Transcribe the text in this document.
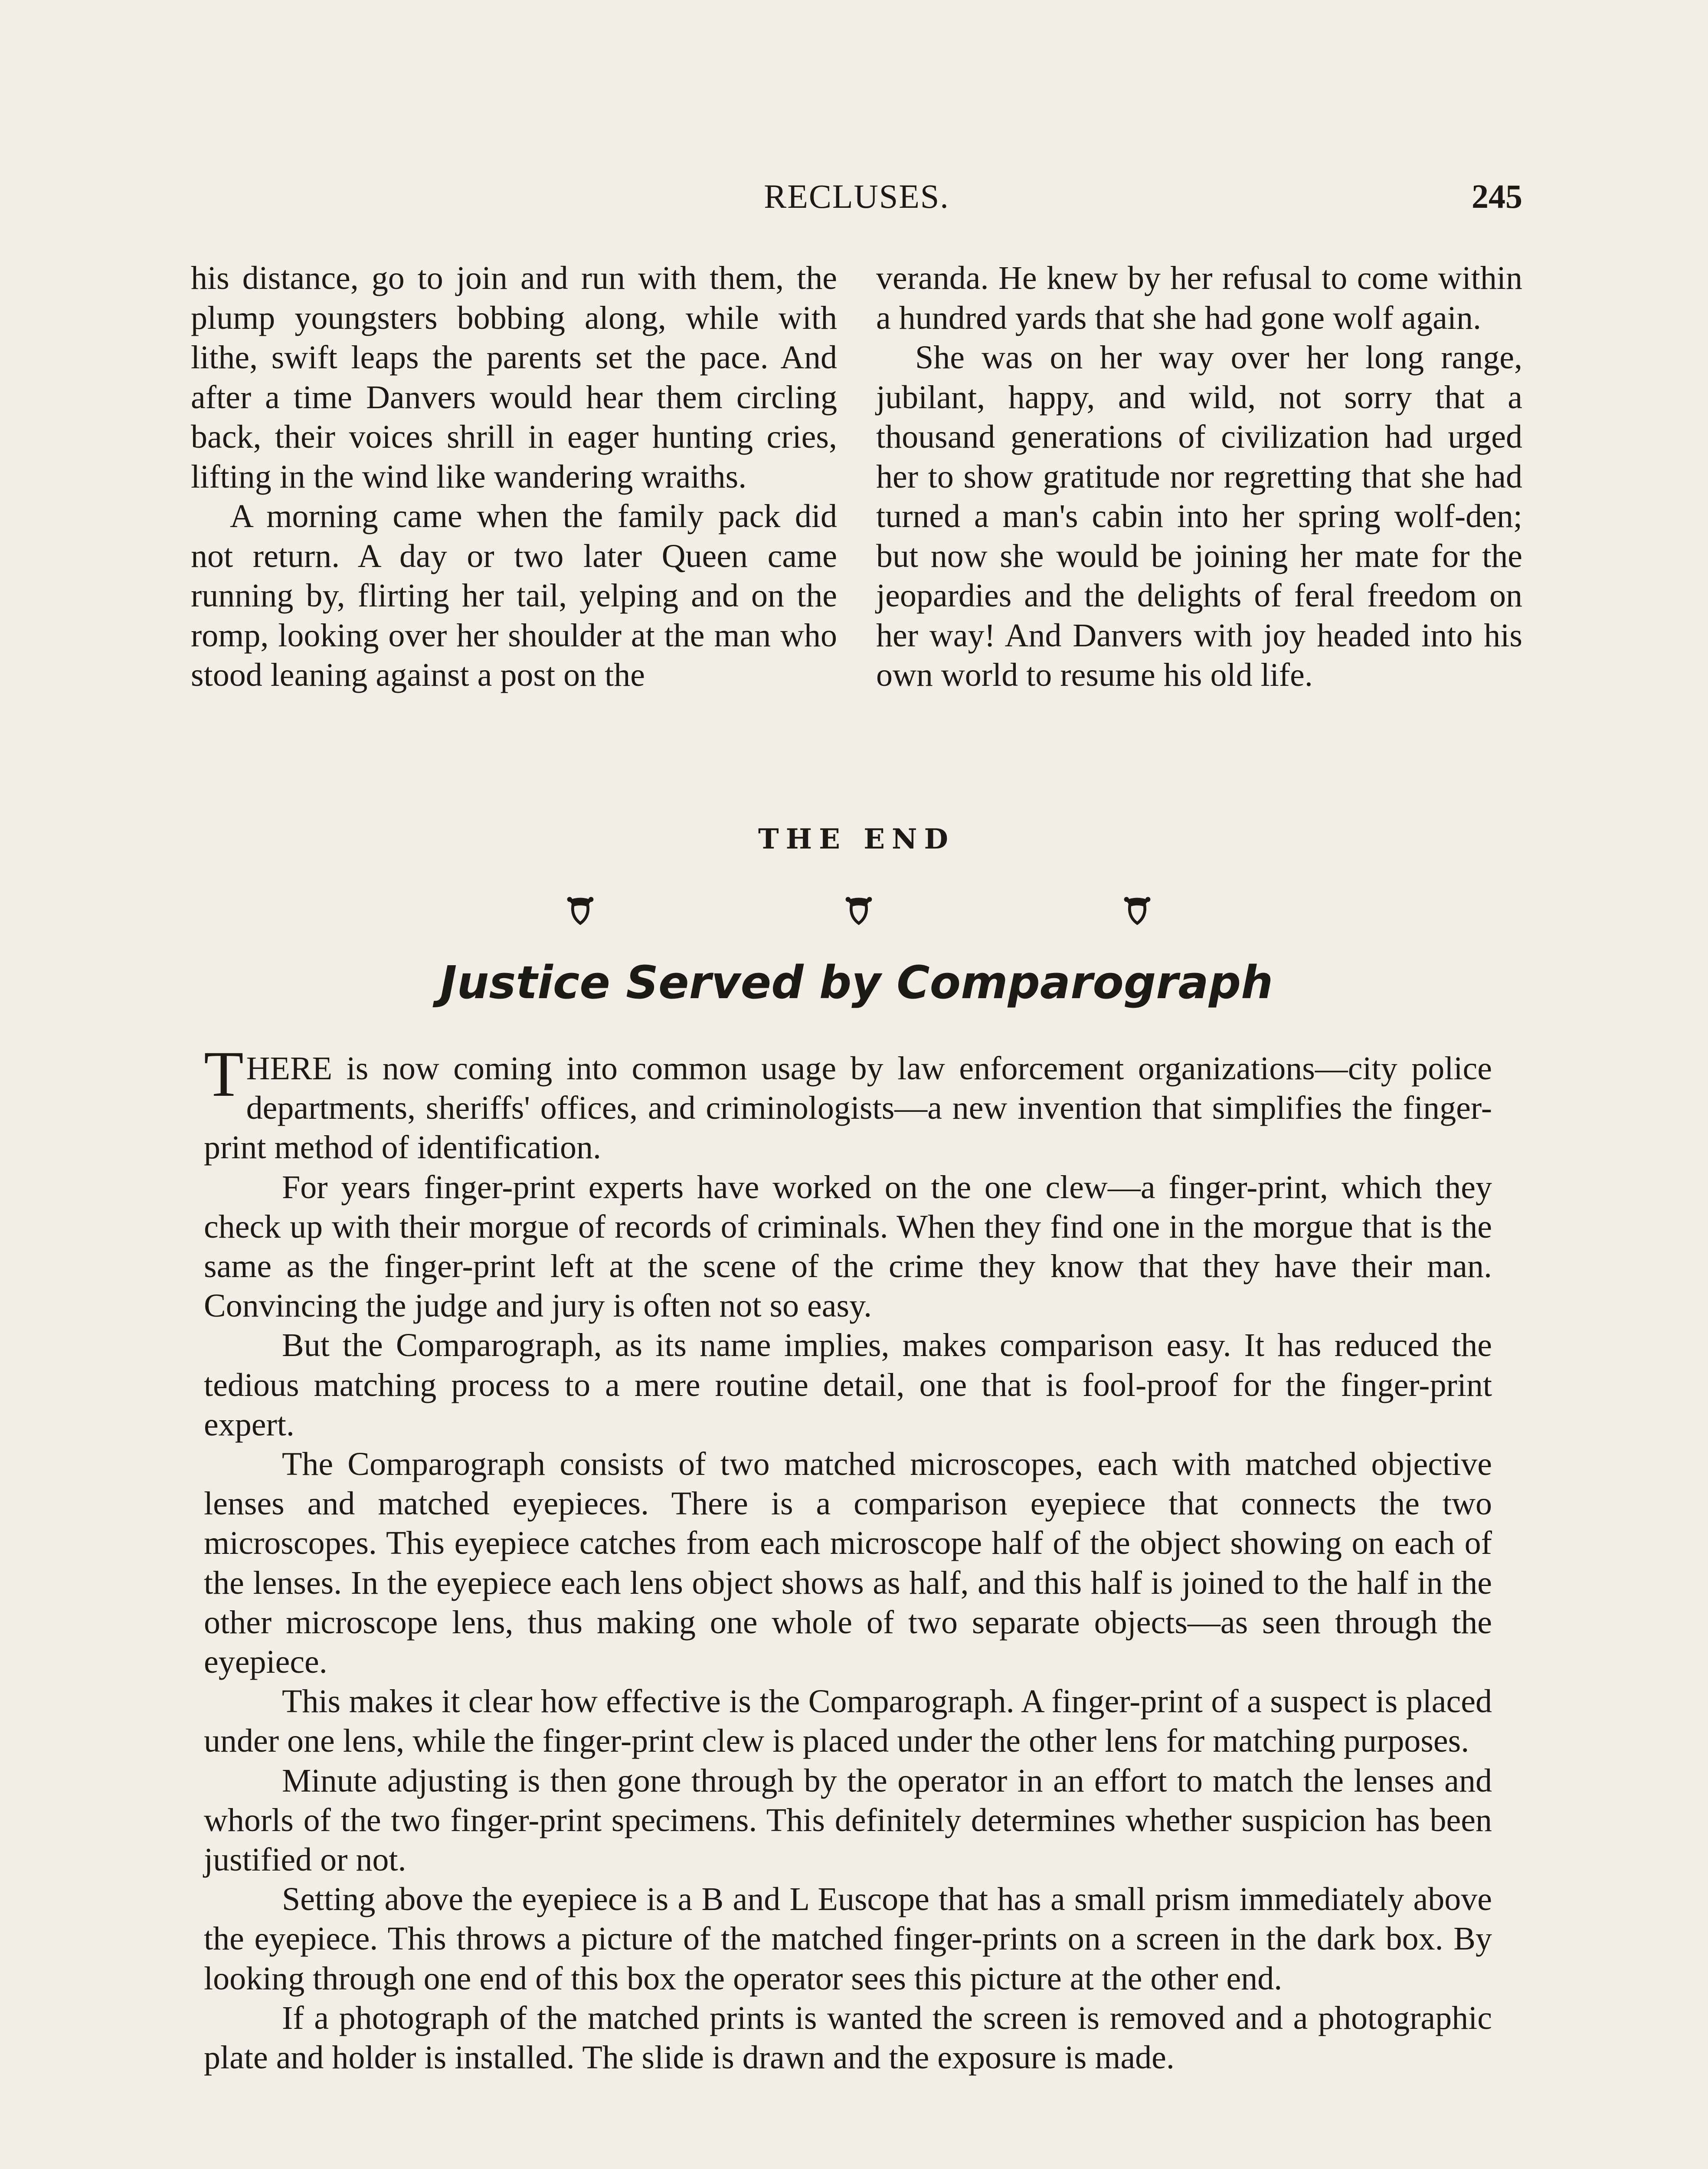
RECLUSES.	245

his distance, go to join and run with them, the plump youngsters bobbing along, while with lithe, swift leaps the parents set the pace. And after a time Danvers would hear them circling back, their voices shrill in eager hunting cries, lifting in the wind like wandering wraiths.

A morning came when the family pack did not return. A day or two later Queen came running by, flirting her tail, yelping and on the romp, looking over her shoulder at the man who stood leaning against a post on the

veranda. He knew by her refusal to come within a hundred yards that she had gone wolf again.

She was on her way over her long range, jubilant, happy, and wild, not sorry that a thousand generations of civilization had urged her to show gratitude nor regretting that she had turned a man's cabin into her spring wolf-den; but now she would be joining her mate for the jeopardies and the delights of feral freedom on her way! And Danvers with joy headed into his own world to resume his old life.

THE END
Justice Served by Comparograph

THERE is now coming into common usage by law enforcement organizations—city police departments, sheriffs' offices, and criminologists—a new invention that simplifies the finger-print method of identification.

For years finger-print experts have worked on the one clew—a finger-print, which they check up with their morgue of records of criminals. When they find one in the morgue that is the same as the finger-print left at the scene of the crime they know that they have their man. Convincing the judge and jury is often not so easy.

But the Comparograph, as its name implies, makes comparison easy. It has reduced the tedious matching process to a mere routine detail, one that is fool-proof for the finger-print expert.

The Comparograph consists of two matched microscopes, each with matched objective lenses and matched eyepieces. There is a comparison eyepiece that connects the two microscopes. This eyepiece catches from each microscope half of the object showing on each of the lenses. In the eyepiece each lens object shows as half, and this half is joined to the half in the other microscope lens, thus making one whole of two separate objects—as seen through the eyepiece.

This makes it clear how effective is the Comparograph. A finger-print of a suspect is placed under one lens, while the finger-print clew is placed under the other lens for matching purposes.

Minute adjusting is then gone through by the operator in an effort to match the lenses and whorls of the two finger-print specimens. This definitely determines whether suspicion has been justified or not.

Setting above the eyepiece is a B and L Euscope that has a small prism immediately above the eyepiece. This throws a picture of the matched finger-prints on a screen in the dark box. By looking through one end of this box the operator sees this picture at the other end.

If a photograph of the matched prints is wanted the screen is removed and a photographic plate and holder is installed. The slide is drawn and the exposure is made.
